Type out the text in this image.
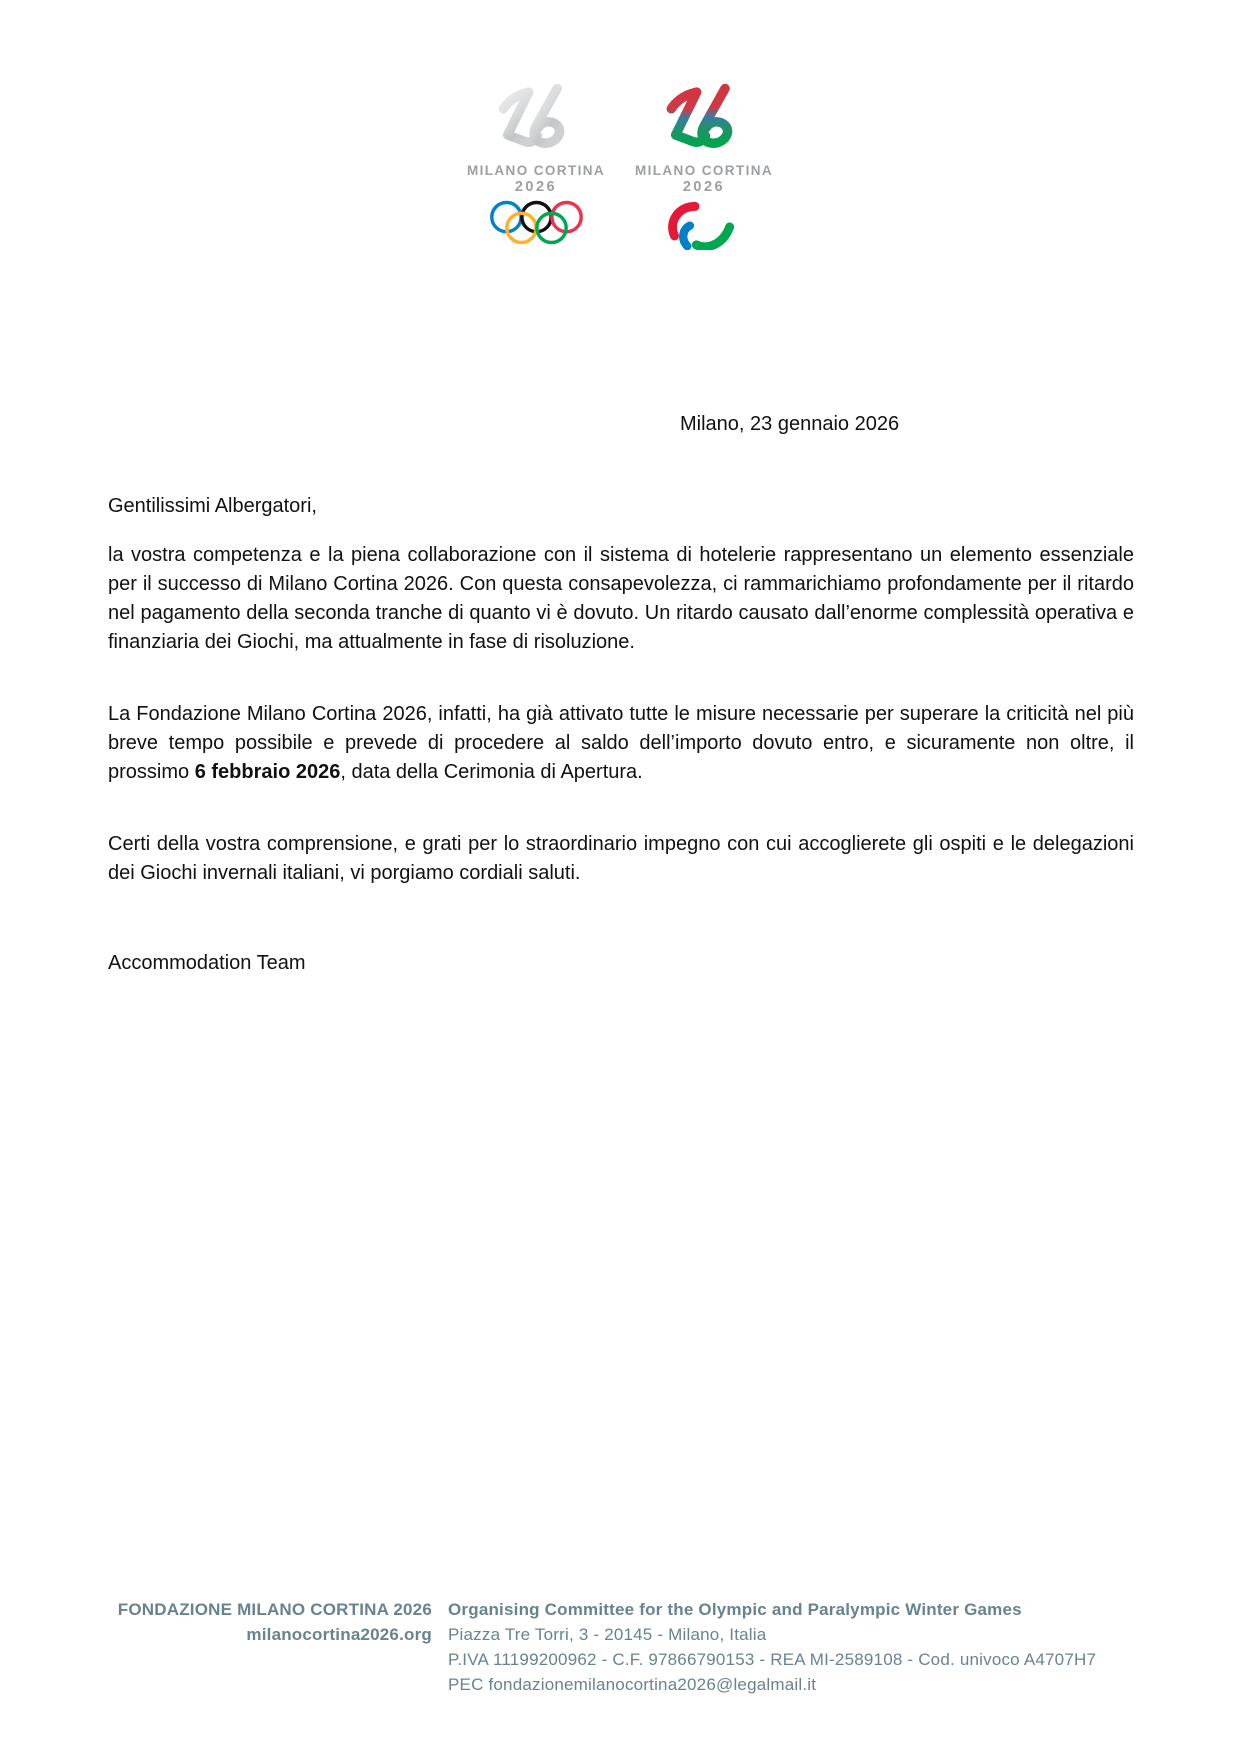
MILANO CORTINA
2026
MILANO CORTINA
2026
Milano, 23 gennaio 2026
Gentilissimi Albergatori,

la vostra competenza e la piena collaborazione con il sistema di hotelerie rappresentano un elemento essenziale per il successo di Milano Cortina 2026. Con questa consapevolezza, ci rammarichiamo profondamente per il ritardo nel pagamento della seconda tranche di quanto vi è dovuto. Un ritardo causato dall’enorme complessità operativa e finanziaria dei Giochi, ma attualmente in fase di risoluzione.

La Fondazione Milano Cortina 2026, infatti, ha già attivato tutte le misure necessarie per superare la criticità nel più breve tempo possibile e prevede di procedere al saldo dell’importo dovuto entro, e sicuramente non oltre, il prossimo 6 febbraio 2026, data della Cerimonia di Apertura.

Certi della vostra comprensione, e grati per lo straordinario impegno con cui accoglierete gli ospiti e le delegazioni dei Giochi invernali italiani, vi porgiamo cordiali saluti.

Accommodation Team
FONDAZIONE MILANO CORTINA 2026
milanocortina2026.org
Organising Committee for the Olympic and Paralympic Winter Games
Piazza Tre Torri, 3 - 20145 - Milano, Italia
P.IVA 11199200962 - C.F. 97866790153 - REA MI-2589108 - Cod. univoco A4707H7
PEC fondazionemilanocortina2026@legalmail.it
